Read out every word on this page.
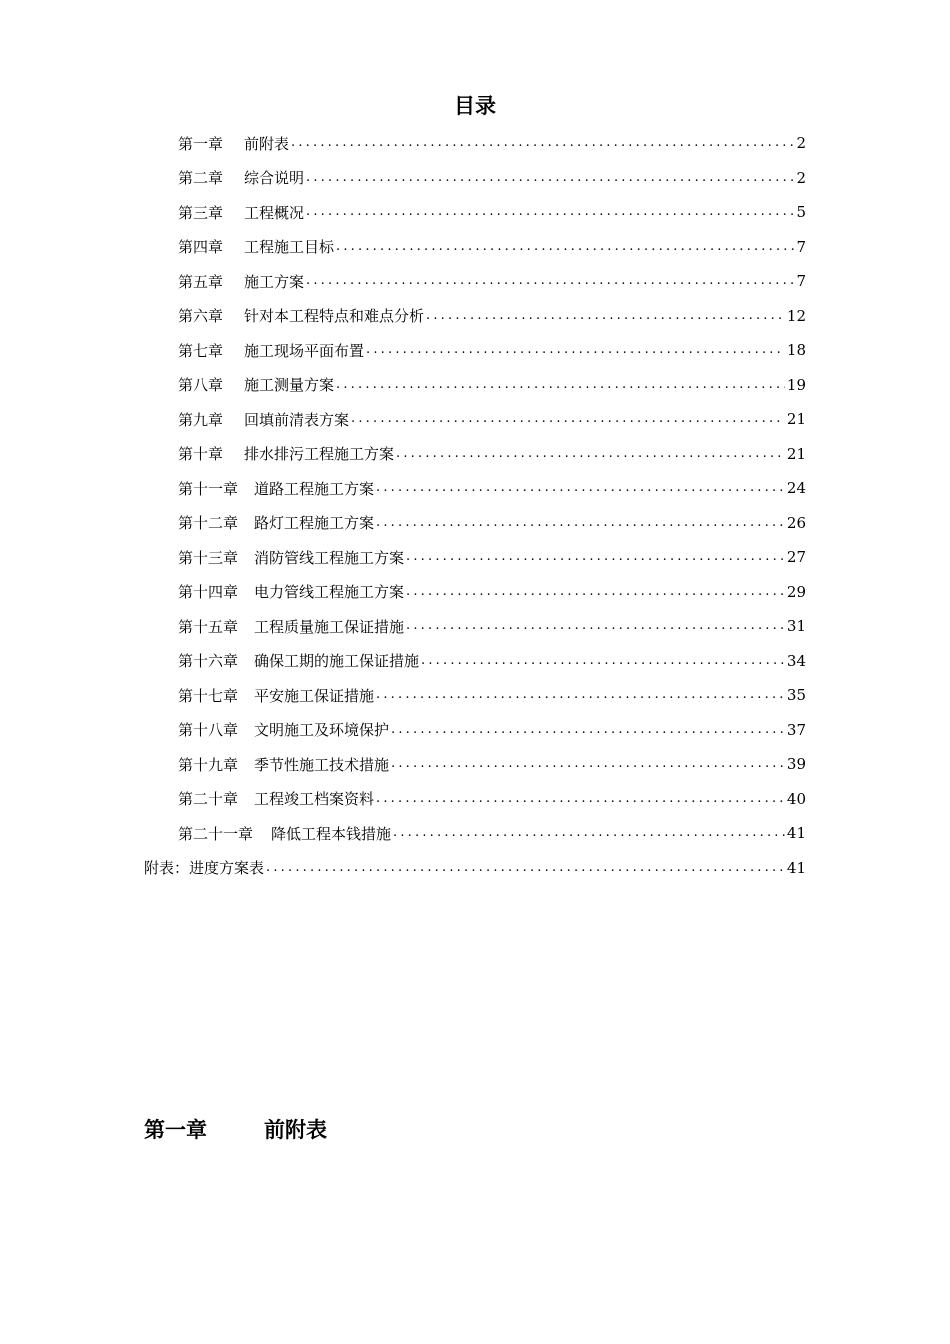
目录
第一章	前附表 .....	2
第二章	综合说明 .....	2
第三章	工程概况 .....	5
第四章	工程施工目标 .....	7
第五章	施工方案 .....	7
第六章	针对本工程特点和难点分析 .....	12
第七章	施工现场平面布置 .....	18
第八章	施工测量方案 .....	19
第九章	回填前清表方案 .....	21
第十章	排水排污工程施工方案 .....	21
第十一章	道路工程施工方案 .....	24
第十二章	路灯工程施工方案 .....	26
第十三章	消防管线工程施工方案 .....	27
第十四章	电力管线工程施工方案 .....	29
第十五章	工程质量施工保证措施 .....	31
第十六章	确保工期的施工保证措施 .....	34
第十七章	平安施工保证措施 .....	35
第十八章	文明施工及环境保护 .....	37
第十九章	季节性施工技术措施 .....	39
第二十章	工程竣工档案资料 .....	40
第二十一章	降低工程本钱措施 .....	41
附表：进度方案表 .....	41
第一章	前附表
